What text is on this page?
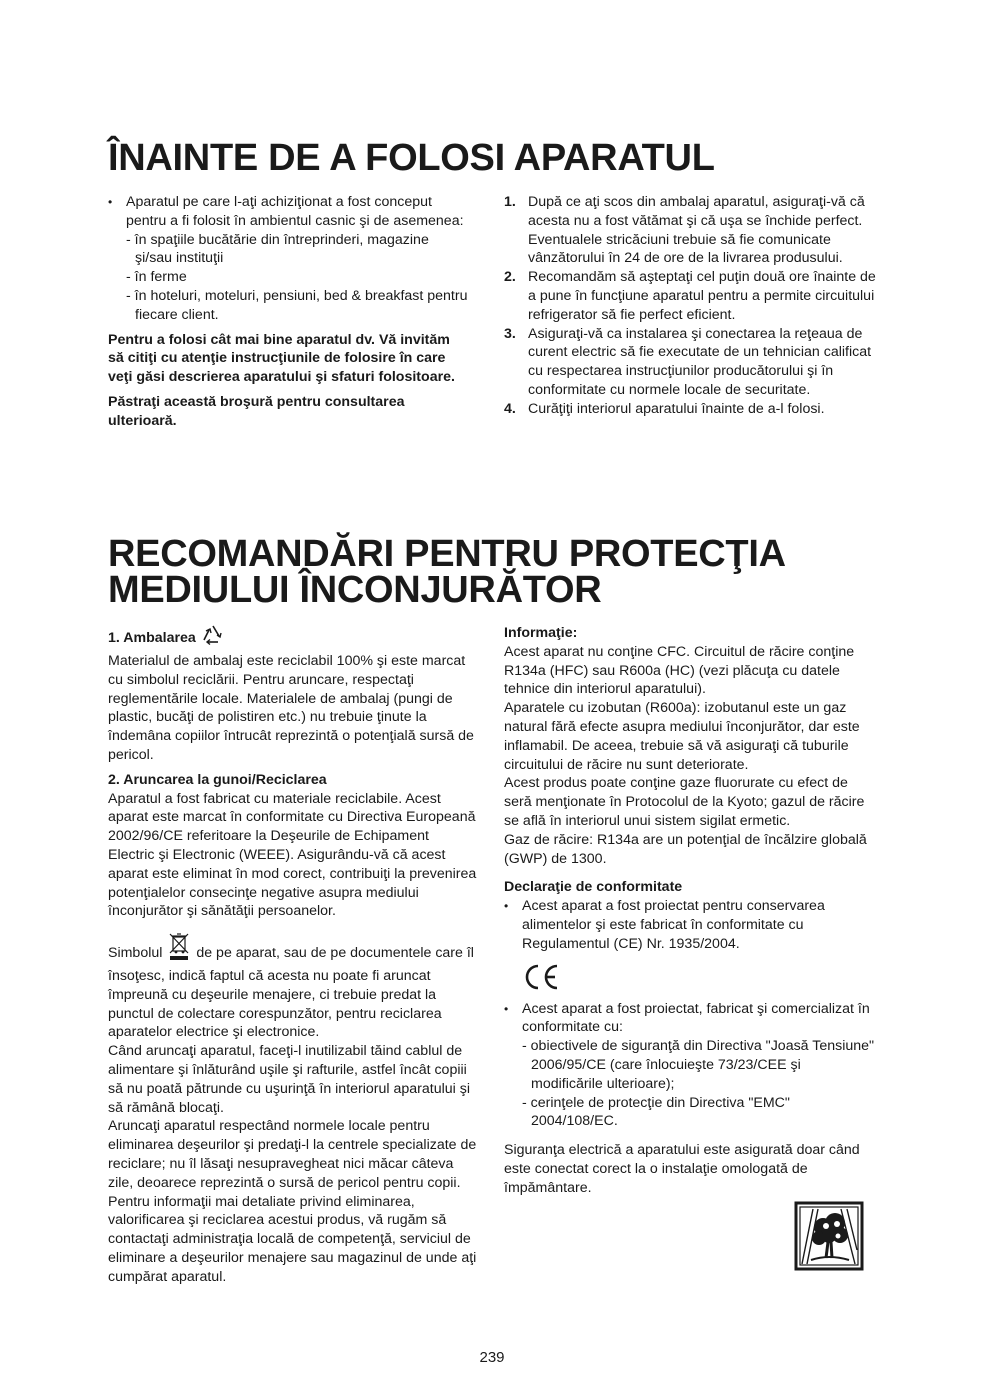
ÎNAINTE DE A FOLOSI APARATUL
• Aparatul pe care l-aţi achiziţionat a fost conceput pentru a fi folosit în ambientul casnic şi de asemenea:

- în spaţiile bucătărie din întreprinderi, magazine şi/sau instituţii

- în ferme

- în hoteluri, moteluri, pensiuni, bed & breakfast pentru fiecare client.

Pentru a folosi cât mai bine aparatul dv. Vă invităm să citiţi cu atenţie instrucţiunile de folosire în care veţi găsi descrierea aparatului şi sfaturi folositoare.

Păstraţi această broşură pentru consultarea ulterioară.

1. După ce aţi scos din ambalaj aparatul, asiguraţi-vă că acesta nu a fost vătămat şi că uşa se închide perfect. Eventualele stricăciuni trebuie să fie comunicate vânzătorului în 24 de ore de la livrarea produsului.

2. Recomandăm să aşteptaţi cel puţin două ore înainte de a pune în funcţiune aparatul pentru a permite circuitului refrigerator să fie perfect eficient.

3. Asiguraţi-vă ca instalarea şi conectarea la reţeaua de curent electric să fie executate de un tehnician calificat cu respectarea instrucţiunilor producătorului şi în conformitate cu normele locale de securitate.

4. Curăţiţi interiorul aparatului înainte de a-l folosi.

RECOMANDĂRI PENTRU PROTECŢIA
MEDIULUI ÎNCONJURĂTOR

1. Ambalarea

Materialul de ambalaj este reciclabil 100% şi este marcat cu simbolul reciclării. Pentru aruncare, respectaţi reglementările locale. Materialele de ambalaj (pungi de plastic, bucăţi de polistiren etc.) nu trebuie ţinute la îndemâna copiilor întrucât reprezintă o potenţială sursă de pericol.

2. Aruncarea la gunoi/Reciclarea

Aparatul a fost fabricat cu materiale reciclabile. Acest aparat este marcat în conformitate cu Directiva Europeană 2002/96/CE referitoare la Deşeurile de Echipament Electric şi Electronic (WEEE). Asigurându-vă că acest aparat este eliminat în mod corect, contribuiţi la prevenirea potenţialelor consecinţe negative asupra mediului înconjurător şi sănătăţii persoanelor.

Simbolul de pe aparat, sau de pe documentele care îl însoţesc, indică faptul că acesta nu poate fi aruncat împreună cu deşeurile menajere, ci trebuie predat la punctul de colectare corespunzător, pentru reciclarea aparatelor electrice şi electronice.

Când aruncaţi aparatul, faceţi-l inutilizabil tăind cablul de alimentare şi înlăturând uşile şi rafturile, astfel încât copiii să nu poată pătrunde cu uşurinţă în interiorul aparatului şi să rămână blocaţi.

Aruncaţi aparatul respectând normele locale pentru eliminarea deşeurilor şi predaţi-l la centrele specializate de reciclare; nu îl lăsaţi nesupravegheat nici măcar câteva zile, deoarece reprezintă o sursă de pericol pentru copii.

Pentru informaţii mai detaliate privind eliminarea, valorificarea şi reciclarea acestui produs, vă rugăm să contactaţi administraţia locală de competenţă, serviciul de eliminare a deşeurilor menajere sau magazinul de unde aţi cumpărat aparatul.

Informaţie:

Acest aparat nu conţine CFC. Circuitul de răcire conţine R134a (HFC) sau R600a (HC) (vezi plăcuţa cu datele tehnice din interiorul aparatului).

Aparatele cu izobutan (R600a): izobutanul este un gaz natural fără efecte asupra mediului înconjurător, dar este inflamabil. De aceea, trebuie să vă asiguraţi că tuburile circuitului de răcire nu sunt deteriorate.

Acest produs poate conţine gaze fluorurate cu efect de seră menţionate în Protocolul de la Kyoto; gazul de răcire se află în interiorul unui sistem sigilat ermetic.

Gaz de răcire: R134a are un potenţial de încălzire globală (GWP) de 1300.

Declaraţie de conformitate

• Acest aparat a fost proiectat pentru conservarea alimentelor şi este fabricat în conformitate cu Regulamentul (CE) Nr. 1935/2004.

• Acest aparat a fost proiectat, fabricat şi comercializat în conformitate cu:

- obiectivele de siguranţă din Directiva "Joasă Tensiune" 2006/95/CE (care înlocuieşte 73/23/CEE şi modificările ulterioare);

- cerinţele de protecţie din Directiva "EMC" 2004/108/EC.

Siguranţa electrică a aparatului este asigurată doar când este conectat corect la o instalaţie omologată de împământare.

239
